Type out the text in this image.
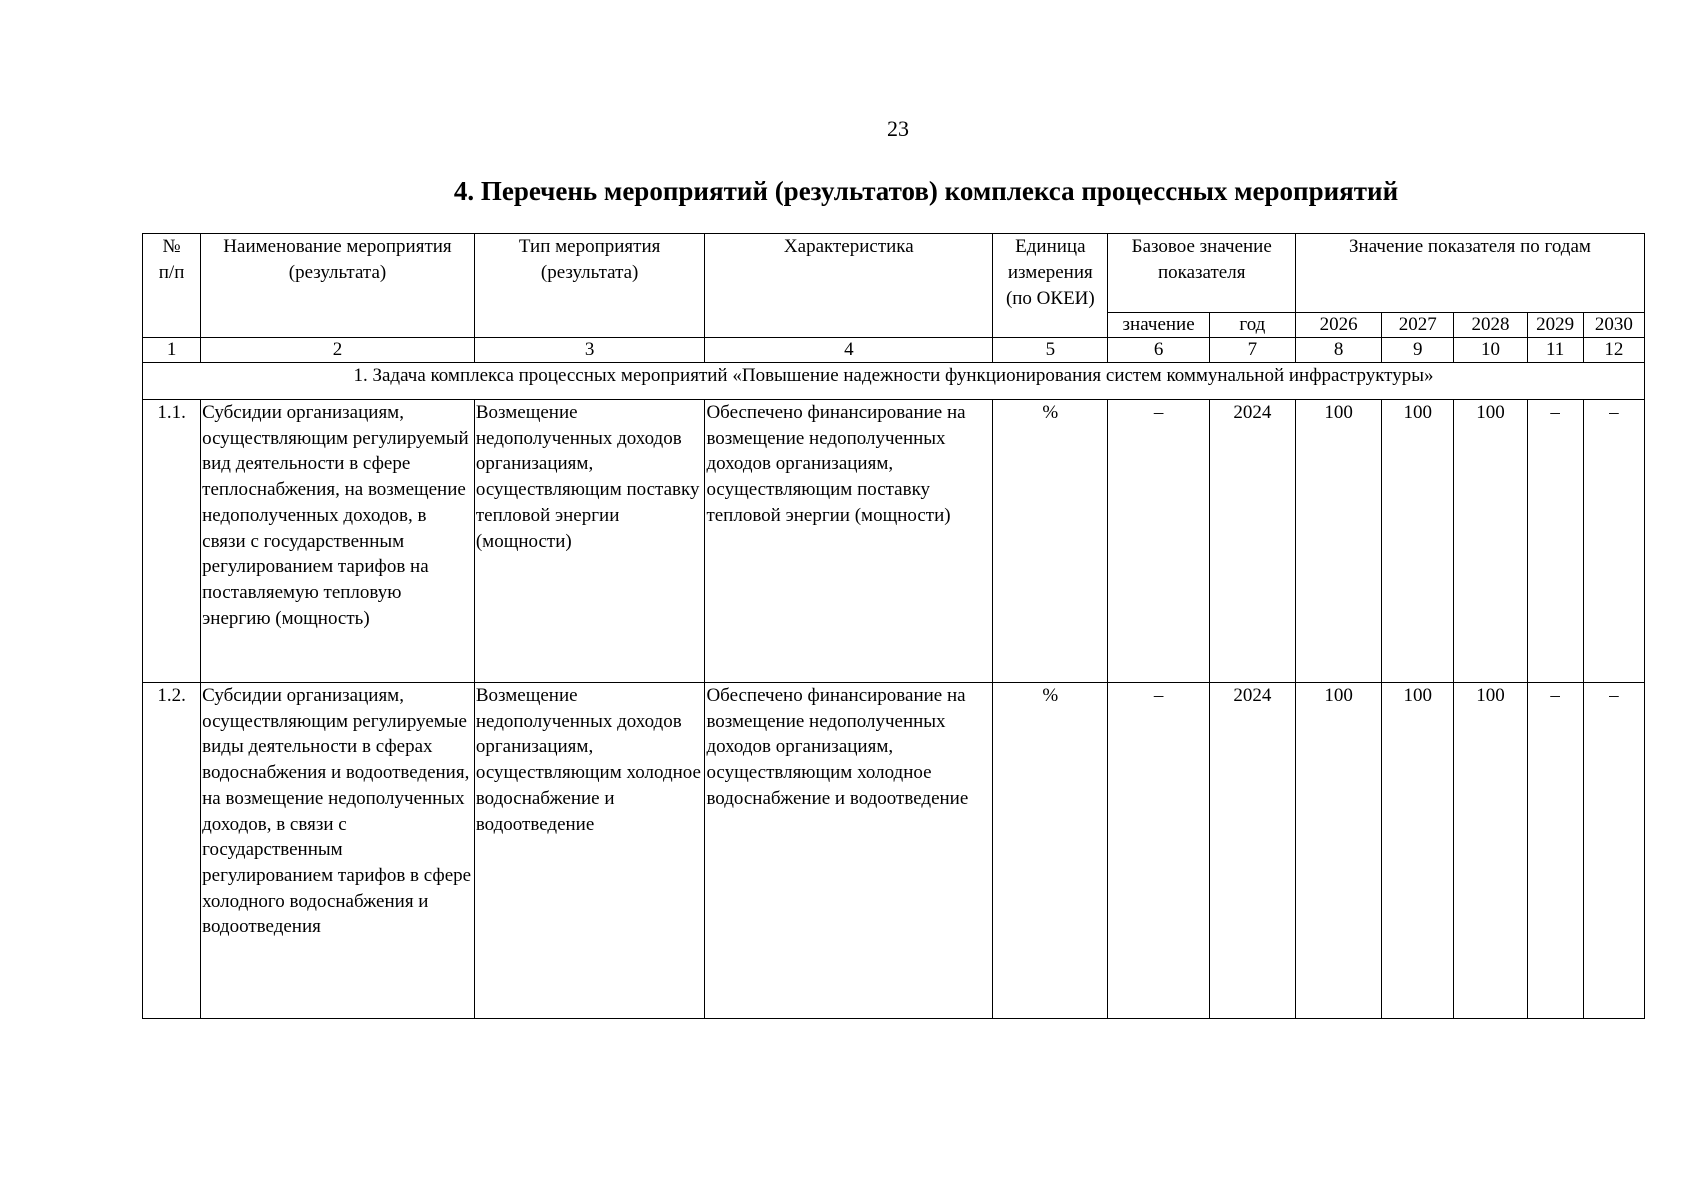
23
4. Перечень мероприятий (результатов) комплекса процессных мероприятий
№
п/п	Наименование мероприятия (результата)	Тип мероприятия (результата)	Характеристика	Единица измерения (по ОКЕИ)	Базовое значение показателя		Значение показателя по годам				
					значение	год	2026	2027	2028	2029	2030
1	2	3	4	5	6	7	8	9	10	11	12
1. Задача комплекса процессных мероприятий «Повышение надежности функционирования систем коммунальной инфраструктуры»											
1.1.	Субсидии организациям, осуществляющим регулируемый вид деятельности в сфере теплоснабжения, на возмещение недополученных доходов, в связи с государственным регулированием тарифов на поставляемую тепловую энергию (мощность)	Возмещение недополученных доходов организациям, осуществляющим поставку тепловой энергии (мощности)	Обеспечено финансирование на возмещение недополученных доходов организациям, осуществляющим поставку тепловой энергии (мощности)	%	–	2024	100	100	100	–	–
1.2.	Субсидии организациям, осуществляющим регулируемые виды деятельности в сферах водоснабжения и водоотведения, на возмещение недополученных доходов, в связи с государственным регулированием тарифов в сфере холодного водоснабжения и водоотведения	Возмещение недополученных доходов организациям, осуществляющим холодное водоснабжение и водоотведение	Обеспечено финансирование на возмещение недополученных доходов организациям, осуществляющим холодное водоснабжение и водоотведение	%	–	2024	100	100	100	–	–
